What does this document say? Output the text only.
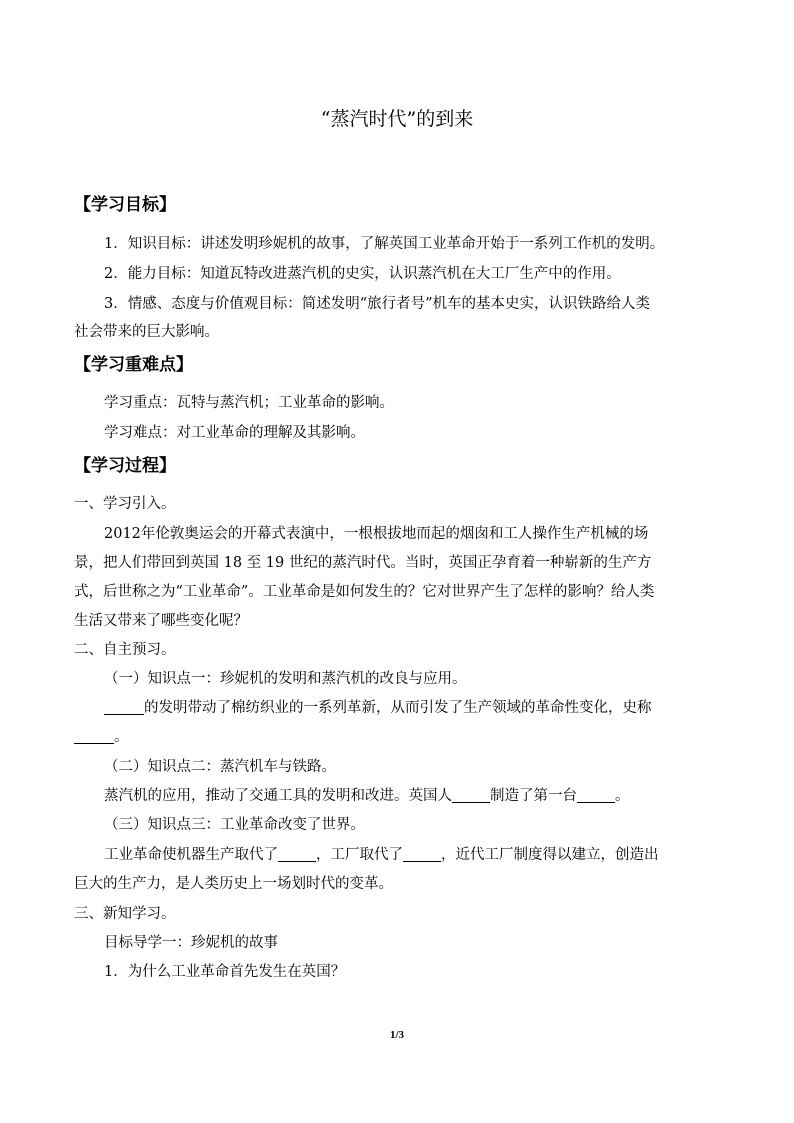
“蒸汽时代”的到来
【学习目标】
1．知识目标：讲述发明珍妮机的故事，了解英国工业革命开始于一系列工作机的发明。
2．能力目标：知道瓦特改进蒸汽机的史实，认识蒸汽机在大工厂生产中的作用。
3．情感、态度与价值观目标：简述发明“旅行者号”机车的基本史实，认识铁路给人类
社会带来的巨大影响。
【学习重难点】
学习重点：瓦特与蒸汽机；工业革命的影响。
学习难点：对工业革命的理解及其影响。
【学习过程】
一、学习引入。
2012年伦敦奥运会的开幕式表演中，一根根拔地而起的烟囱和工人操作生产机械的场
景，把人们带回到英国 18 至 19 世纪的蒸汽时代。当时，英国正孕育着一种崭新的生产方
式，后世称之为“工业革命”。工业革命是如何发生的？它对世界产生了怎样的影响？给人类
生活又带来了哪些变化呢？
二、自主预习。
（一）知识点一：珍妮机的发明和蒸汽机的改良与应用。
的发明带动了棉纺织业的一系列革新，从而引发了生产领域的革命性变化，史称
。
（二）知识点二：蒸汽机车与铁路。
蒸汽机的应用，推动了交通工具的发明和改进。英国人	制造了第一台	。
（三）知识点三：工业革命改变了世界。
工业革命使机器生产取代了	，工厂取代了	，近代工厂制度得以建立，创造出
巨大的生产力，是人类历史上一场划时代的变革。
三、新知学习。
目标导学一：珍妮机的故事
1．为什么工业革命首先发生在英国？
1/3
